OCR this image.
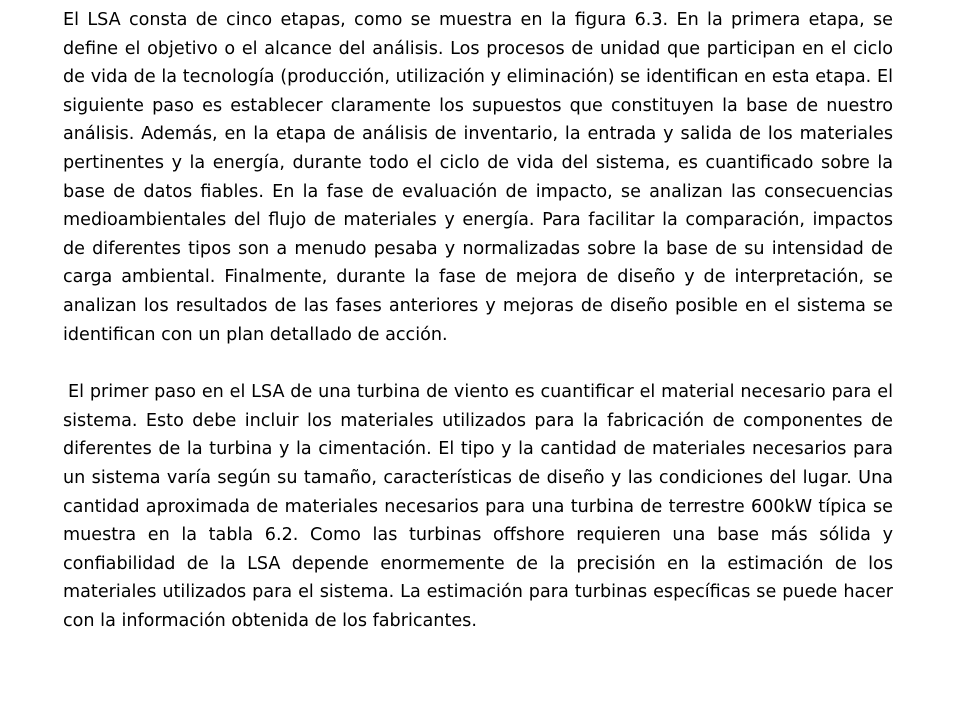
El LSA consta de cinco etapas, como se muestra en la figura 6.3. En la primera etapa, se define el objetivo o el alcance del análisis. Los procesos de unidad que participan en el ciclo de vida de la tecnología (producción, utilización y eliminación) se identifican en esta etapa. El siguiente paso es establecer claramente los supuestos que constituyen la base de nuestro análisis. Además, en la etapa de análisis de inventario, la entrada y salida de los materiales pertinentes y la energía, durante todo el ciclo de vida del sistema, es cuantificado sobre la base de datos fiables. En la fase de evaluación de impacto, se analizan las consecuencias medioambientales del flujo de materiales y energía. Para facilitar la comparación, impactos de diferentes tipos son a menudo pesaba y normalizadas sobre la base de su intensidad de carga ambiental. Finalmente, durante la fase de mejora de diseño y de interpretación, se analizan los resultados de las fases anteriores y mejoras de diseño posible en el sistema se identifican con un plan detallado de acción.

El primer paso en el LSA de una turbina de viento es cuantificar el material necesario para el sistema. Esto debe incluir los materiales utilizados para la fabricación de componentes de diferentes de la turbina y la cimentación. El tipo y la cantidad de materiales necesarios para un sistema varía según su tamaño, características de diseño y las condiciones del lugar. Una cantidad aproximada de materiales necesarios para una turbina de terrestre 600kW típica se muestra en la tabla 6.2. Como las turbinas offshore requieren una base más sólida y confiabilidad de la LSA depende enormemente de la precisión en la estimación de los materiales utilizados para el sistema. La estimación para turbinas específicas se puede hacer con la información obtenida de los fabricantes.
